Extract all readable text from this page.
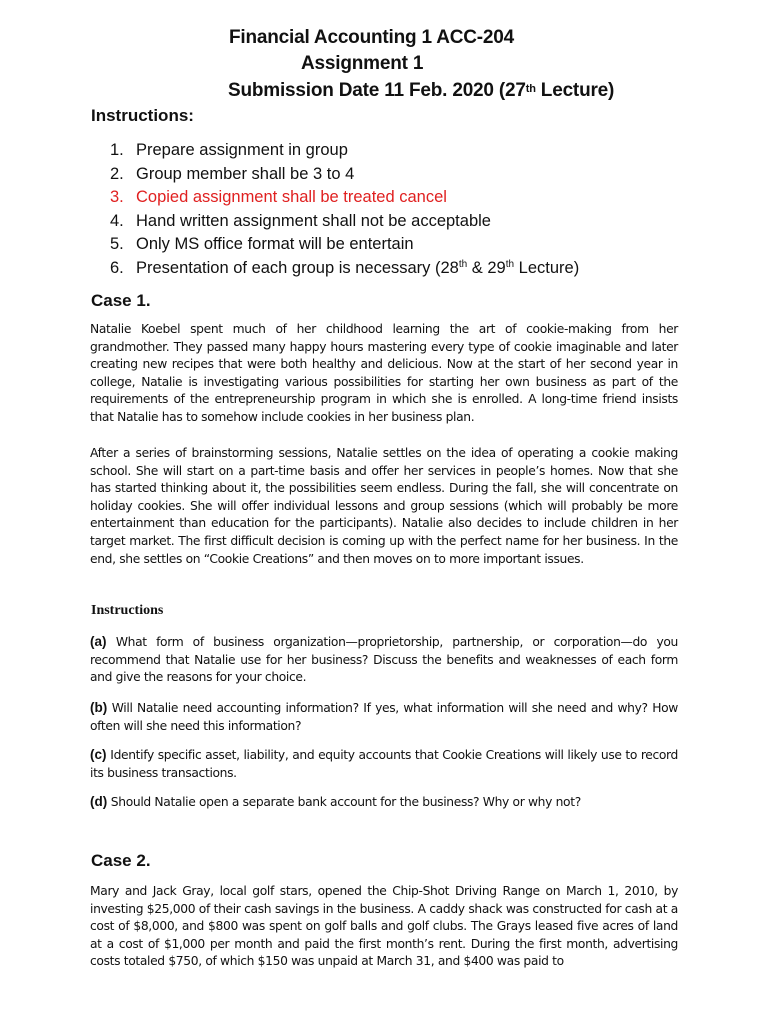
Financial Accounting 1 ACC-204
Assignment 1
Submission Date 11 Feb. 2020 (27th Lecture)
Instructions:
1. Prepare assignment in group
2. Group member shall be 3 to 4
3. Copied assignment shall be treated cancel
4. Hand written assignment shall not be acceptable
5. Only MS office format will be entertain
6. Presentation of each group is necessary (28th & 29th Lecture)
Case 1.

Natalie Koebel spent much of her childhood learning the art of cookie-making from her grandmother. They passed many happy hours mastering every type of cookie imaginable and later creating new recipes that were both healthy and delicious. Now at the start of her second year in college, Natalie is investigating various possibilities for starting her own business as part of the requirements of the entrepreneurship program in which she is enrolled. A long-time friend insists that Natalie has to somehow include cookies in her business plan.

After a series of brainstorming sessions, Natalie settles on the idea of operating a cookie making school. She will start on a part-time basis and offer her services in people’s homes. Now that she has started thinking about it, the possibilities seem endless. During the fall, she will concentrate on holiday cookies. She will offer individual lessons and group sessions (which will probably be more entertainment than education for the participants). Natalie also decides to include children in her target market. The first difficult decision is coming up with the perfect name for her business. In the end, she settles on “Cookie Creations” and then moves on to more important issues.

Instructions

(a) What form of business organization—proprietorship, partnership, or corporation—do you recommend that Natalie use for her business? Discuss the benefits and weaknesses of each form and give the reasons for your choice.

(b) Will Natalie need accounting information? If yes, what information will she need and why? How often will she need this information?

(c) Identify specific asset, liability, and equity accounts that Cookie Creations will likely use to record its business transactions.

(d) Should Natalie open a separate bank account for the business? Why or why not?

Case 2.

Mary and Jack Gray, local golf stars, opened the Chip-Shot Driving Range on March 1, 2010, by investing $25,000 of their cash savings in the business. A caddy shack was constructed for cash at a cost of $8,000, and $800 was spent on golf balls and golf clubs. The Grays leased five acres of land at a cost of $1,000 per month and paid the first month’s rent. During the first month, advertising costs totaled $750, of which $150 was unpaid at March 31, and $400 was paid to
